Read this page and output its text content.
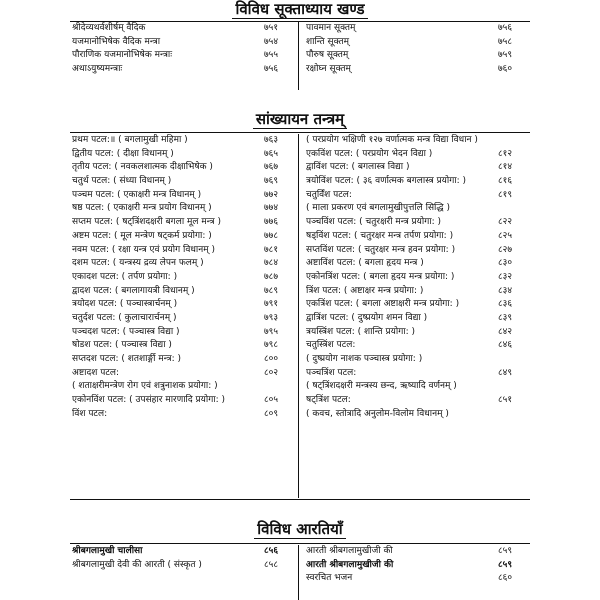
विविध सूक्ताध्याय खण्ड
श्रीदेव्यथर्वशीर्षम् वैदिक	७५१
यजमानोभिषेक वैदिक मन्त्रा	७५४
पौराणिक यजमानोभिषेक मन्त्राः	७५५
अथाऽयुष्यमन्त्राः	७५६
पावमान सूक्तम्	७५६
शान्ति सूक्तम्	७५८
पौरुष सूक्तम्	७५९
रक्षोघ्न सूक्तम्	७६०
सांख्यायन तन्त्रम्
प्रथम पटल:॥ ( बगलामुखी महिमा )	७६३
द्वितीय पटल: ( दीक्षा विधानम् )	७६५
तृतीय पटल: ( नवकलशात्मक दीक्षाभिषेक )	७६७
चतुर्थ पटल: ( संध्या विधानम् )	७६९
पञ्चम पटल: ( एकाक्षरी मन्त्र विधानम् )	७७२
षष्ठ पटल: ( एकाक्षरी मन्त्र प्रयोग विधानम् )	७७४
सप्तम पटल: ( षट्त्रिंशदक्षरी बगला मूल मन्त्र )	७७६
अष्टम पटल: ( मूल मन्त्रेण षट्कर्म प्रयोगा: )	७७८
नवम पटल: ( रक्षा यन्त्र एवं प्रयोग विधानम् )	७८१
दशम पटल: ( यन्त्रस्य द्रव्य लेपन फलम् )	७८४
एकादश पटल: ( तर्पण प्रयोगा: )	७८७
द्वादश पटल: ( बगलागायत्री विधानम् )	७८९
त्रयोदश पटल: ( पञ्चास्त्रार्चनम् )	७९१
चतुर्दश पटल: ( कुलाचारार्चनम् )	७९३
पञ्चदश पटल: ( पञ्चास्त्र विद्या )	७९५
षोडश पटल: ( पञ्चास्त्र विद्या )	७९८
सप्तदश पटल: ( शतशार्ङ्गी मन्त्र: )	८००
अष्टादश पटल:	८०२
( शताक्षरीमन्त्रेण रोग एवं शत्रुनाशक प्रयोगा: )
एकोनविंश पटल: ( उपसंहार मारणादि प्रयोगा: )	८०५
विंश पटल:	८०९
( परप्रयोग भक्षिणी १२७ वर्णात्मक मन्त्र विद्या विधान )
एकविंश पटल: ( परप्रयोग भेदन विद्या )	८१२
द्वाविंश पटल: ( बगलास्त्र विद्या )	८१४
त्रयोविंश पटल: ( ३६ वर्णात्मक बगलास्त्र प्रयोगा: )	८१६
चतुर्विंश पटल:	८१९
( माला प्रकरण एवं बगलामुखीपुत्तलि सिद्धि )
पञ्चविंश पटल: ( चतुरक्षरी मन्त्र प्रयोगा: )	८२२
षड्विंश पटल: ( चतुरक्षर मन्त्र तर्पण प्रयोगा: )	८२५
सप्तविंश पटल: ( चतुरक्षर मन्त्र हवन प्रयोगा: )	८२७
अष्टाविंश पटल: ( बगला हृदय मन्त्र )	८३०
एकोनत्रिंश पटल: ( बगला हृदय मन्त्र प्रयोगा: )	८३२
त्रिंश पटल: ( अष्टाक्षर मन्त्र प्रयोगा: )	८३४
एकत्रिंश पटल: ( बगला अष्टाक्षरी मन्त्र प्रयोगा: )	८३६
द्वात्रिंश पटल: ( दुष्प्रयोग शमन विद्या )	८३९
त्रयस्त्रिंश पटल: ( शान्ति प्रयोगा: )	८४२
चतुस्त्रिंश पटल:	८४६
( दुष्प्रयोग नाशक पञ्चास्त्र प्रयोगा: )
पञ्चत्रिंश पटल:	८४९
( षट्त्रिंशदक्षरी मन्त्रस्य छन्द, ऋष्यादि वर्णनम् )
षट्त्रिंश पटल:	८५१
( कवच, स्तोत्रादि अनुलोम-विलोम विधानम् )
विविध आरतियाँ
श्रीबगलामुखी चालीसा	८५६
श्रीबगलामुखी देवी की आरती ( संस्कृत )	८५८
आरती श्रीबगलामुखीजी की	८५९
आरती श्रीबगलामुखीजी की	८५९
स्वरचित भजन	८६०
